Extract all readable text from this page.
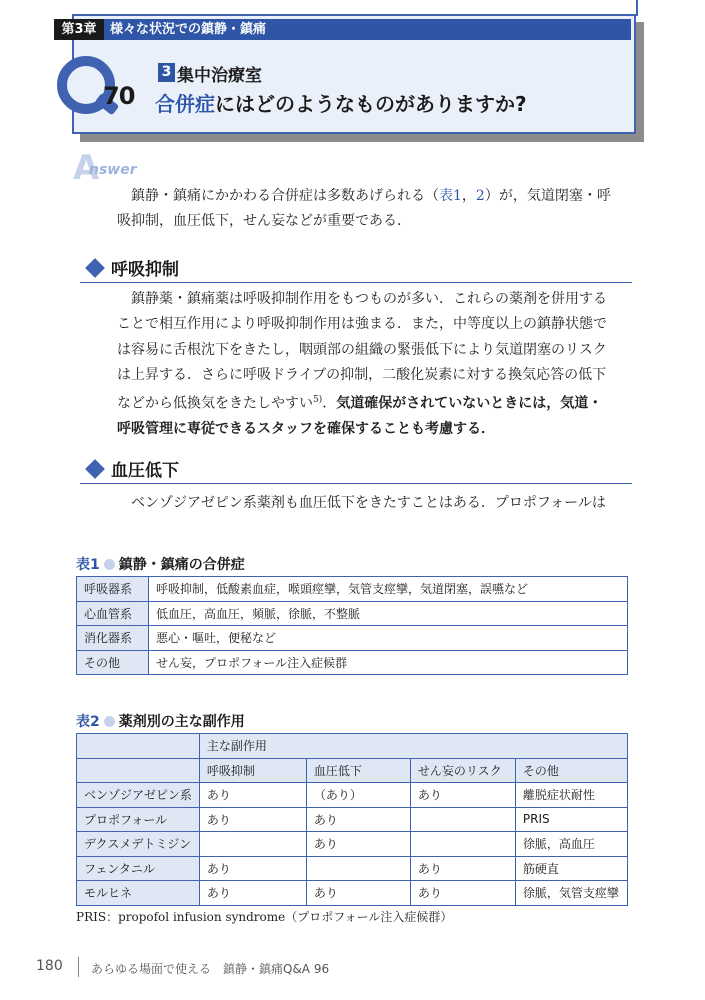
第3章	様々な状況での鎮静・鎮痛
70
3 集中治療室
合併症にはどのようなものがありますか?
A
nswer
鎮静・鎮痛にかかわる合併症は多数あげられる（表1，2）が，気道閉塞・呼吸抑制，血圧低下，せん妄などが重要である．
呼吸抑制
鎮静薬・鎮痛薬は呼吸抑制作用をもつものが多い．これらの薬剤を併用することで相互作用により呼吸抑制作用は強まる．また，中等度以上の鎮静状態では容易に舌根沈下をきたし，咽頭部の組織の緊張低下により気道閉塞のリスクは上昇する．さらに呼吸ドライブの抑制，二酸化炭素に対する換気応答の低下などから低換気をきたしやすい$^{5)}$．気道確保がされていないときには，気道・呼吸管理に専従できるスタッフを確保することも考慮する．
血圧低下
ベンゾジアゼピン系薬剤も血圧低下をきたすことはある．プロポフォールは
表1 鎮静・鎮痛の合併症
呼吸器系	呼吸抑制，低酸素血症，喉頭痙攣，気管支痙攣，気道閉塞，誤嚥など
心血管系	低血圧，高血圧，頻脈，徐脈，不整脈
消化器系	悪心・嘔吐，便秘など
その他	せん妄，プロポフォール注入症候群
表2 薬剤別の主な副作用
	主な副作用			
	呼吸抑制	血圧低下	せん妄のリスク	その他
ベンゾジアゼピン系	あり	（あり）	あり	離脱症状耐性
プロポフォール	あり	あり		PRIS
デクスメデトミジン		あり		徐脈，高血圧
フェンタニル	あり		あり	筋硬直
モルヒネ	あり	あり	あり	徐脈，気管支痙攣
PRIS：propofol infusion syndrome（プロポフォール注入症候群）
180 あらゆる場面で使える　鎮静・鎮痛Q&A 96
